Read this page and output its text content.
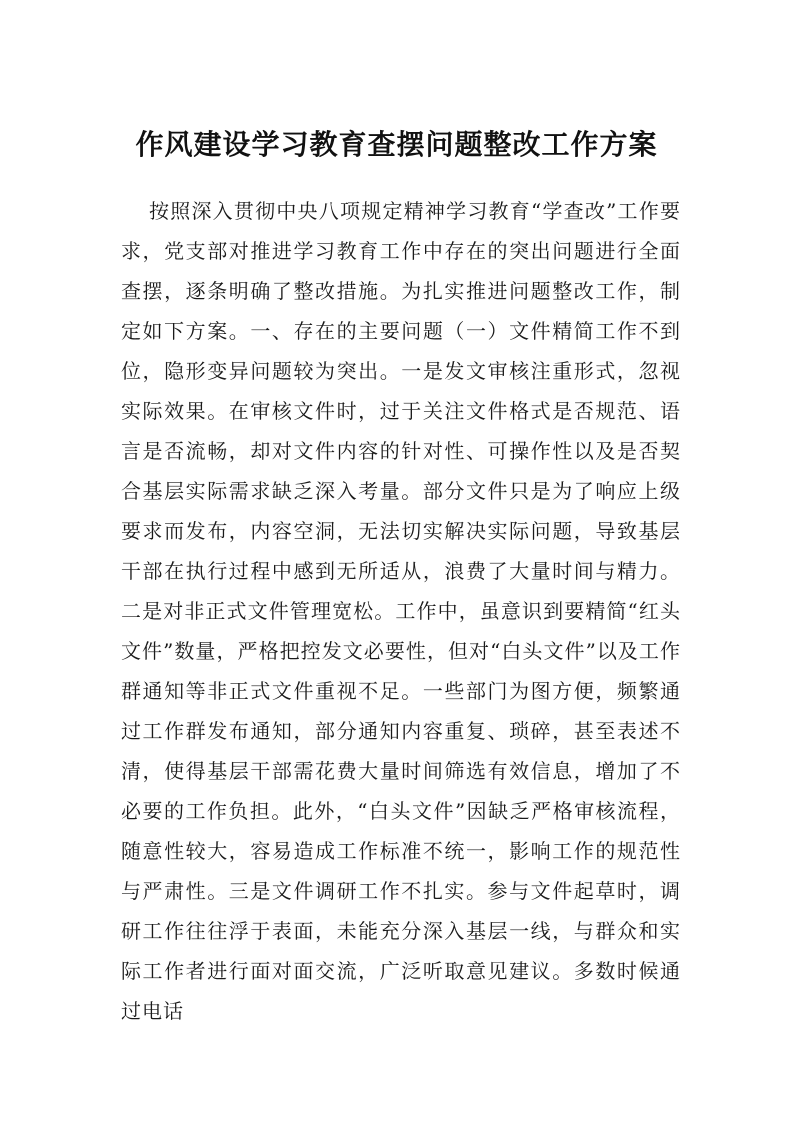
作风建设学习教育查摆问题整改工作方案

按照深入贯彻中央八项规定精神学习教育“学查改”工作要求，党支部对推进学习教育工作中存在的突出问题进行全面查摆，逐条明确了整改措施。为扎实推进问题整改工作，制定如下方案。一、存在的主要问题（一）文件精简工作不到位，隐形变异问题较为突出。一是发文审核注重形式，忽视实际效果。在审核文件时，过于关注文件格式是否规范、语言是否流畅，却对文件内容的针对性、可操作性以及是否契合基层实际需求缺乏深入考量。部分文件只是为了响应上级要求而发布，内容空洞，无法切实解决实际问题，导致基层干部在执行过程中感到无所适从，浪费了大量时间与精力。二是对非正式文件管理宽松。工作中，虽意识到要精简“红头文件”数量，严格把控发文必要性，但对“白头文件”以及工作群通知等非正式文件重视不足。一些部门为图方便，频繁通过工作群发布通知，部分通知内容重复、琐碎，甚至表述不清，使得基层干部需花费大量时间筛选有效信息，增加了不必要的工作负担。此外，“白头文件”因缺乏严格审核流程，随意性较大，容易造成工作标准不统一，影响工作的规范性与严肃性。三是文件调研工作不扎实。参与文件起草时，调研工作往往浮于表面，未能充分深入基层一线，与群众和实际工作者进行面对面交流，广泛听取意见建议。多数时候通过电话
